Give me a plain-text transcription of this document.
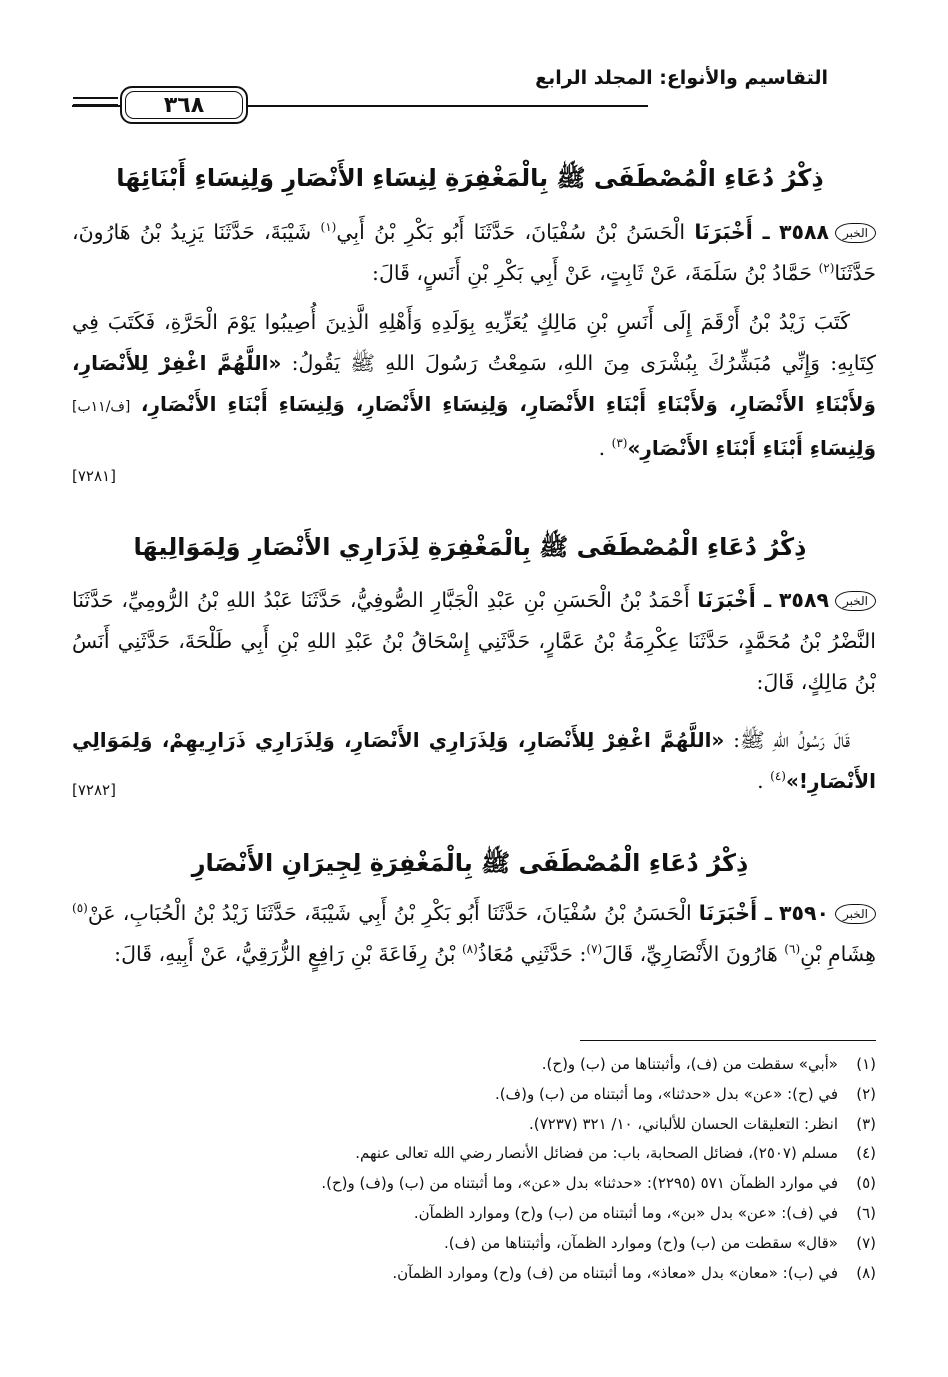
التقاسيم والأنواع: المجلد الرابع
٣٦٨
ذِكْرُ دُعَاءِ الْمُصْطَفَى ﷺ بِالْمَغْفِرَةِ لِنِسَاءِ الأَنْصَارِ وَلِنِسَاءِ أَبْنَائِهَا
الخبر٣٥٨٨ ـ أَخْبَرَنَا الْحَسَنُ بْنُ سُفْيَانَ، حَدَّثَنَا أَبُو بَكْرِ بْنُ أَبِي$^{(١)}$ شَيْبَةَ، حَدَّثَنَا يَزِيدُ بْنُ هَارُونَ، حَدَّثَنَا$^{(٢)}$ حَمَّادُ بْنُ سَلَمَةَ، عَنْ ثَابِتٍ، عَنْ أَبِي بَكْرِ بْنِ أَنَسٍ، قَالَ:
كَتَبَ زَيْدُ بْنُ أَرْقَمَ إِلَى أَنَسِ بْنِ مَالِكٍ يُعَزِّيهِ بِوَلَدِهِ وَأَهْلِهِ الَّذِينَ أُصِيبُوا يَوْمَ الْحَرَّةِ، فَكَتَبَ فِي كِتَابِهِ: وَإِنِّي مُبَشِّرُكَ بِبُشْرَى مِنَ اللهِ، سَمِعْتُ رَسُولَ اللهِ ﷺ يَقُولُ: «اللَّهُمَّ اغْفِرْ لِلأَنْصَارِ، وَلأَبْنَاءِ الأَنْصَارِ، وَلأَبْنَاءِ أَبْنَاءِ الأَنْصَارِ، وَلِنِسَاءِ الأَنْصَارِ، وَلِنِسَاءِ أَبْنَاءِ الأَنْصَارِ، [ف/١١ب] وَلِنِسَاءِ أَبْنَاءِ أَبْنَاءِ الأَنْصَارِ»$^{(٣)}$ .
[٧٢٨١]
ذِكْرُ دُعَاءِ الْمُصْطَفَى ﷺ بِالْمَغْفِرَةِ لِذَرَارِي الأَنْصَارِ وَلِمَوَالِيهَا
الخبر٣٥٨٩ ـ أَخْبَرَنَا أَحْمَدُ بْنُ الْحَسَنِ بْنِ عَبْدِ الْجَبَّارِ الصُّوفِيُّ، حَدَّثَنَا عَبْدُ اللهِ بْنُ الرُّومِيِّ، حَدَّثَنَا النَّضْرُ بْنُ مُحَمَّدٍ، حَدَّثَنَا عِكْرِمَةُ بْنُ عَمَّارٍ، حَدَّثَنِي إِسْحَاقُ بْنُ عَبْدِ اللهِ بْنِ أَبِي طَلْحَةَ، حَدَّثَنِي أَنَسُ بْنُ مَالِكٍ، قَالَ:
قَالَ رَسُولُ اللهِ ﷺ: «اللَّهُمَّ اغْفِرْ لِلأَنْصَارِ، وَلِذَرَارِي الأَنْصَارِ، وَلِذَرَارِي ذَرَارِيهِمْ، وَلِمَوَالِي الأَنْصَارِ!»$^{(٤)}$ .
[٧٢٨٢]
ذِكْرُ دُعَاءِ الْمُصْطَفَى ﷺ بِالْمَغْفِرَةِ لِجِيرَانِ الأَنْصَارِ
الخبر٣٥٩٠ ـ أَخْبَرَنَا الْحَسَنُ بْنُ سُفْيَانَ، حَدَّثَنَا أَبُو بَكْرِ بْنُ أَبِي شَيْبَةَ، حَدَّثَنَا زَيْدُ بْنُ الْحُبَابِ، عَنْ$^{(٥)}$ هِشَامِ بْنِ$^{(٦)}$ هَارُونَ الأَنْصَارِيِّ، قَالَ$^{(٧)}$: حَدَّثَنِي مُعَاذُ$^{(٨)}$ بْنُ رِفَاعَةَ بْنِ رَافِعٍ الزُّرَقِيُّ، عَنْ أَبِيهِ، قَالَ:
(١)
«أبي» سقطت من (ف)، وأثبتناها من (ب) و(ح).
(٢)
في (ح): «عن» بدل «حدثنا»، وما أثبتناه من (ب) و(ف).
(٣)
انظر: التعليقات الحسان للألباني، ١٠/ ٣٢١ (٧٢٣٧).
(٤)
مسلم (٢٥٠٧)، فضائل الصحابة، باب: من فضائل الأنصار رضي الله تعالى عنهم.
(٥)
في موارد الظمآن ٥٧١ (٢٢٩٥): «حدثنا» بدل «عن»، وما أثبتناه من (ب) و(ف) و(ح).
(٦)
في (ف): «عن» بدل «بن»، وما أثبتناه من (ب) و(ح) وموارد الظمآن.
(٧)
«قال» سقطت من (ب) و(ح) وموارد الظمآن، وأثبتناها من (ف).
(٨)
في (ب): «معان» بدل «معاذ»، وما أثبتناه من (ف) و(ح) وموارد الظمآن.
